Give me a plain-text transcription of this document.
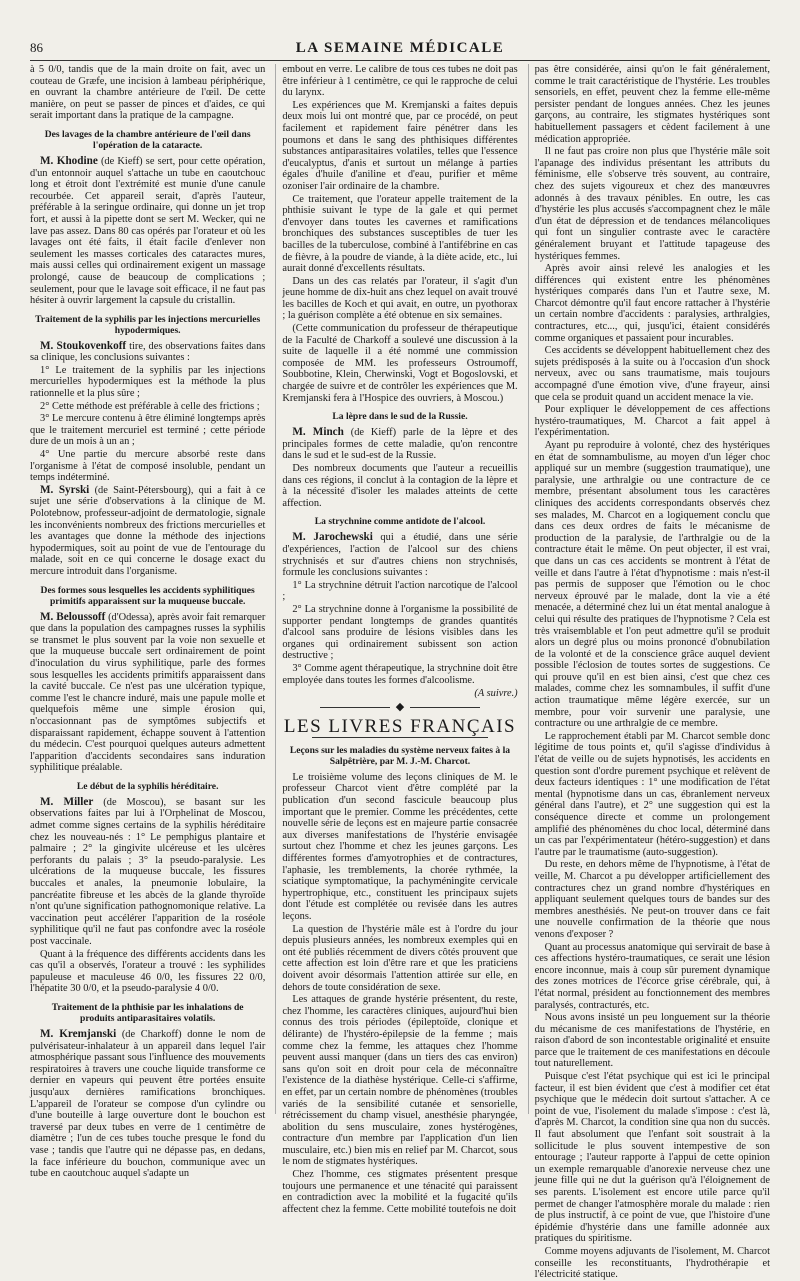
86	LA SEMAINE MÉDICALE

à 5 0/0, tandis que de la main droite on fait, avec un couteau de Græfe, une incision à lambeau périphérique, en ouvrant la chambre antérieure de l'œil. De cette manière, on peut se passer de pinces et d'aides, ce qui serait important dans la pratique de la campagne.

Des lavages de la chambre antérieure de l'œil dans l'opération de la cataracte.

M. Khodine (de Kieff) se sert, pour cette opération, d'un entonnoir auquel s'attache un tube en caoutchouc long et étroit dont l'extrémité est munie d'une canule recourbée. Cet appareil serait, d'après l'auteur, préférable à la seringue ordinaire, qui donne un jet trop fort, et aussi à la pipette dont se sert M. Wecker, qui ne lave pas assez. Dans 80 cas opérés par l'orateur et où les lavages ont été faits, il était facile d'enlever non seulement les masses corticales des cataractes mures, mais aussi celles qui ordinairement exigent un massage prolongé, cause de beaucoup de complications ; seulement, pour que le lavage soit efficace, il ne faut pas hésiter à ouvrir largement la capsule du cristallin.

Traitement de la syphilis par les injections mercurielles hypodermiques.

M. Stoukovenkoff tire, des observations faites dans sa clinique, les conclusions suivantes :

1° Le traitement de la syphilis par les injections mercurielles hypodermiques est la méthode la plus rationnelle et la plus sûre ;

2° Cette méthode est préférable à celle des frictions ;

3° Le mercure contenu à être éliminé longtemps après que le traitement mercuriel est terminé ; cette période dure de un mois à un an ;

4° Une partie du mercure absorbé reste dans l'organisme à l'état de composé insoluble, pendant un temps indéterminé.

M. Syrski (de Saint-Pétersbourg), qui a fait à ce sujet une série d'observations à la clinique de M. Polotebnow, professeur-adjoint de dermatologie, signale les inconvénients nombreux des frictions mercurielles et les avantages que donne la méthode des injections hypodermiques, soit au point de vue de l'entourage du malade, soit en ce qui concerne le dosage exact du mercure introduit dans l'organisme.

Des formes sous lesquelles les accidents syphilitiques primitifs apparaissent sur la muqueuse buccale.

M. Beloussoff (d'Odessa), après avoir fait remarquer que dans la population des campagnes russes la syphilis se transmet le plus souvent par la voie non sexuelle et que la muqueuse buccale sert ordinairement de point d'inoculation du virus syphilitique, parle des formes sous lesquelles les accidents primitifs apparaissent dans la cavité buccale. Ce n'est pas une ulcération typique, comme l'est le chancre induré, mais une papule molle et quelquefois même une simple érosion qui, n'occasionnant pas de symptômes subjectifs et disparaissant rapidement, échappe souvent à l'attention du médecin. C'est pourquoi quelques auteurs admettent l'apparition d'accidents secondaires sans induration syphilitique préalable.

Le début de la syphilis héréditaire.

M. Miller (de Moscou), se basant sur les observations faites par lui à l'Orphelinat de Moscou, admet comme signes certains de la syphilis héréditaire chez les nouveau-nés : 1° Le pemphigus plantaire et palmaire ; 2° la gingivite ulcéreuse et les ulcères perforants du palais ; 3° la pseudo-paralysie. Les ulcérations de la muqueuse buccale, les fissures buccales et anales, la pneumonie lobulaire, la pancréatite fibreuse et les abcès de la glande thyroïde n'ont qu'une signification pathognomonique relative. La vaccination peut accélérer l'apparition de la roséole syphilitique qu'il ne faut pas confondre avec la roséole post vaccinale.

Quant à la fréquence des différents accidents dans les cas qu'il a observés, l'orateur a trouvé : les syphilides papuleuse et maculeuse 46 0/0, les fissures 22 0/0, l'hépatite 30 0/0, et la pseudo-paralysie 4 0/0.

Traitement de la phthisie par les inhalations de produits antiparasitaires volatils.

M. Kremjanski (de Charkoff) donne le nom de pulvérisateur-inhalateur à un appareil dans lequel l'air atmosphérique passant sous l'influence des mouvements respiratoires à travers une couche liquide transforme ce dernier en vapeurs qui peuvent être portées ensuite jusqu'aux dernières ramifications bronchiques. L'appareil de l'orateur se compose d'un cylindre ou d'une bouteille à large ouverture dont le bouchon est traversé par deux tubes en verre de 1 centimètre de diamètre ; l'un de ces tubes touche presque le fond du vase ; tandis que l'autre qui ne dépasse pas, en dedans, la face inférieure du bouchon, communique avec un tube en caoutchouc auquel s'adapte un

embout en verre. Le calibre de tous ces tubes ne doit pas être inférieur à 1 centimètre, ce qui le rapproche de celui du larynx.

Les expériences que M. Kremjanski a faites depuis deux mois lui ont montré que, par ce procédé, on peut facilement et rapidement faire pénétrer dans les poumons et dans le sang des phthisiques différentes substances antiparasitaires volatiles, telles que l'essence d'eucalyptus, d'anis et surtout un mélange à parties égales d'huile d'aniline et d'eau, purifier et même ozoniser l'air ordinaire de la chambre.

Ce traitement, que l'orateur appelle traitement de la phthisie suivant le type de la gale et qui permet d'envoyer dans toutes les cavernes et ramifications bronchiques des substances susceptibles de tuer les bacilles de la tuberculose, combiné à l'antifébrine en cas de fièvre, à la poudre de viande, à la diète acide, etc., lui aurait donné d'excellents résultats.

Dans un des cas relatés par l'orateur, il s'agit d'un jeune homme de dix-huit ans chez lequel on avait trouvé les bacilles de Koch et qui avait, en outre, un pyothorax ; la guérison complète a été obtenue en six semaines.

(Cette communication du professeur de thérapeutique de la Faculté de Charkoff a soulevé une discussion à la suite de laquelle il a été nommé une commission composée de MM. les professeurs Ostroumoff, Soubbotine, Klein, Cherwinski, Vogt et Bogoslovski, et chargée de suivre et de contrôler les expériences que M. Kremjanski fera à l'Hospice des ouvriers, à Moscou.)

La lèpre dans le sud de la Russie.

M. Minch (de Kieff) parle de la lèpre et des principales formes de cette maladie, qu'on rencontre dans le sud et le sud-est de la Russie.

Des nombreux documents que l'auteur a recueillis dans ces régions, il conclut à la contagion de la lèpre et à la nécessité d'isoler les malades atteints de cette affection.

La strychnine comme antidote de l'alcool.

M. Jarochewski qui a étudié, dans une série d'expériences, l'action de l'alcool sur des chiens strychnisés et sur d'autres chiens non strychnisés, formule les conclusions suivantes :

1° La strychnine détruit l'action narcotique de l'alcool ;

2° La strychnine donne à l'organisme la possibilité de supporter pendant longtemps de grandes quantités d'alcool sans produire de lésions visibles dans les organes qui ordinairement subissent son action destructive ;

3° Comme agent thérapeutique, la strychnine doit être employée dans toutes les formes d'alcoolisme.

(A suivre.)
◆
LES LIVRES FRANÇAIS
Leçons sur les maladies du système nerveux faites à la Salpêtrière, par M. J.-M. Charcot.

Le troisième volume des leçons cliniques de M. le professeur Charcot vient d'être complété par la publication d'un second fascicule beaucoup plus important que le premier. Comme les précédentes, cette nouvelle série de leçons est en majeure partie consacrée aux diverses manifestations de l'hystérie envisagée surtout chez l'homme et chez les jeunes garçons. Les différentes formes d'amyotrophies et de contractures, l'aphasie, les tremblements, la chorée rythmée, la sciatique symptomatique, la pachyméningite cervicale hypertrophique, etc., constituent les principaux sujets dont l'étude est complétée ou revisée dans les autres leçons.

La question de l'hystérie mâle est à l'ordre du jour depuis plusieurs années, les nombreux exemples qui en ont été publiés récemment de divers côtés prouvent que cette affection est loin d'être rare et que les praticiens doivent avoir désormais l'attention attirée sur elle, en dehors de toute considération de sexe.

Les attaques de grande hystérie présentent, du reste, chez l'homme, les caractères cliniques, aujourd'hui bien connus des trois périodes (épileptoïde, clonique et délirante) de l'hystéro-épilepsie de la femme ; mais comme chez la femme, les attaques chez l'homme peuvent aussi manquer (dans un tiers des cas environ) sans qu'on soit en droit pour cela de méconnaître l'existence de la diathèse hystérique. Celle-ci s'affirme, en effet, par un certain nombre de phénomènes (troubles variés de la sensibilité cutanée et sensorielle, rétrécissement du champ visuel, anesthésie pharyngée, abolition du sens musculaire, zones hystérogènes, contracture d'un membre par l'application d'un lien musculaire, etc.) bien mis en relief par M. Charcot, sous le nom de stigmates hystériques.

Chez l'homme, ces stigmates présentent presque toujours une permanence et une ténacité qui paraissent en contradiction avec la mobilité et la fugacité qu'ils affectent chez la femme. Cette mobilité toutefois ne doit

pas être considérée, ainsi qu'on le fait généralement, comme le trait caractéristique de l'hystérie. Les troubles sensoriels, en effet, peuvent chez la femme elle-même persister pendant de longues années. Chez les jeunes garçons, au contraire, les stigmates hystériques sont habituellement passagers et cèdent facilement à une médication appropriée.

Il ne faut pas croire non plus que l'hystérie mâle soit l'apanage des individus présentant les attributs du féminisme, elle s'observe très souvent, au contraire, chez des sujets vigoureux et chez des manœuvres adonnés à des travaux pénibles. En outre, les cas d'hystérie les plus accusés s'accompagnent chez le mâle d'un état de dépression et de tendances mélancoliques qui font un singulier contraste avec le caractère généralement bruyant et l'attitude tapageuse des hystériques femmes.

Après avoir ainsi relevé les analogies et les différences qui existent entre les phénomènes hystériques comparés dans l'un et l'autre sexe, M. Charcot démontre qu'il faut encore rattacher à l'hystérie un certain nombre d'accidents : paralysies, arthralgies, contractures, etc..., qui, jusqu'ici, étaient considérés comme organiques et passaient pour incurables.

Ces accidents se développent habituellement chez des sujets prédisposés à la suite ou à l'occasion d'un shock nerveux, avec ou sans traumatisme, mais toujours accompagné d'une émotion vive, d'une frayeur, ainsi que cela se produit quand un accident menace la vie.

Pour expliquer le développement de ces affections hystéro-traumatiques, M. Charcot a fait appel à l'expérimentation.

Ayant pu reproduire à volonté, chez des hystériques en état de somnambulisme, au moyen d'un léger choc appliqué sur un membre (suggestion traumatique), une paralysie, une arthralgie ou une contracture de ce membre, présentant absolument tous les caractères cliniques des accidents correspondants observés chez ses malades, M. Charcot en a logiquement conclu que dans ces deux ordres de faits le mécanisme de production de la paralysie, de l'arthralgie ou de la contracture était le même. On peut objecter, il est vrai, que dans un cas ces accidents se montrent à l'état de veille et dans l'autre à l'état d'hypnotisme : mais n'est-il pas permis de supposer que l'émotion ou le choc nerveux éprouvé par le malade, dont la vie a été menacée, a déterminé chez lui un état mental analogue à celui qui résulte des pratiques de l'hypnotisme ? Cela est très vraisemblable et l'on peut admettre qu'il se produit alors un degré plus ou moins prononcé d'obnubilation de la volonté et de la conscience grâce auquel devient possible l'éclosion de toutes sortes de suggestions. Ce qui prouve qu'il en est bien ainsi, c'est que chez ces malades, comme chez les somnambules, il suffit d'une action traumatique même légère exercée, sur un membre, pour voir survenir une paralysie, une contracture ou une arthralgie de ce membre.

Le rapprochement établi par M. Charcot semble donc légitime de tous points et, qu'il s'agisse d'individus à l'état de veille ou de sujets hypnotisés, les accidents en question sont d'ordre purement psychique et relèvent de deux facteurs identiques : 1° une modification de l'état mental (hypnotisme dans un cas, ébranlement nerveux général dans l'autre), et 2° une suggestion qui est la conséquence directe et comme un prolongement amplifié des phénomènes du choc local, déterminé dans un cas par l'expérimentateur (hétéro-suggestion) et dans l'autre par le traumatisme (auto-suggestion).

Du reste, en dehors même de l'hypnotisme, à l'état de veille, M. Charcot a pu développer artificiellement des contractures chez un grand nombre d'hystériques en appliquant seulement quelques tours de bandes sur des membres anesthésiés. Ne peut-on trouver dans ce fait une nouvelle confirmation de la théorie que nous venons d'exposer ?

Quant au processus anatomique qui servirait de base à ces affections hystéro-traumatiques, ce serait une lésion encore inconnue, mais à coup sûr purement dynamique des zones motrices de l'écorce grise cérébrale, qui, à l'état normal, président au fonctionnement des membres paralysés, contracturés, etc.

Nous avons insisté un peu longuement sur la théorie du mécanisme de ces manifestations de l'hystérie, en raison d'abord de son incontestable originalité et ensuite parce que le traitement de ces manifestations en découle tout naturellement.

Puisque c'est l'état psychique qui est ici le principal facteur, il est bien évident que c'est à modifier cet état psychique que le médecin doit surtout s'attacher. A ce point de vue, l'isolement du malade s'impose : c'est là, d'après M. Charcot, la condition sine qua non du succès. Il faut absolument que l'enfant soit soustrait à la sollicitude le plus souvent intempestive de son entourage ; l'auteur rapporte à l'appui de cette opinion un exemple remarquable d'anorexie nerveuse chez une jeune fille qui ne dut la guérison qu'à l'éloignement de ses parents. L'isolement est encore utile parce qu'il permet de changer l'atmosphère morale du malade : rien de plus instructif, à ce point de vue, que l'histoire d'une épidémie d'hystérie dans une famille adonnée aux pratiques du spiritisme.

Comme moyens adjuvants de l'isolement, M. Charcot conseille les reconstituants, l'hydrothérapie et l'électricité statique.
